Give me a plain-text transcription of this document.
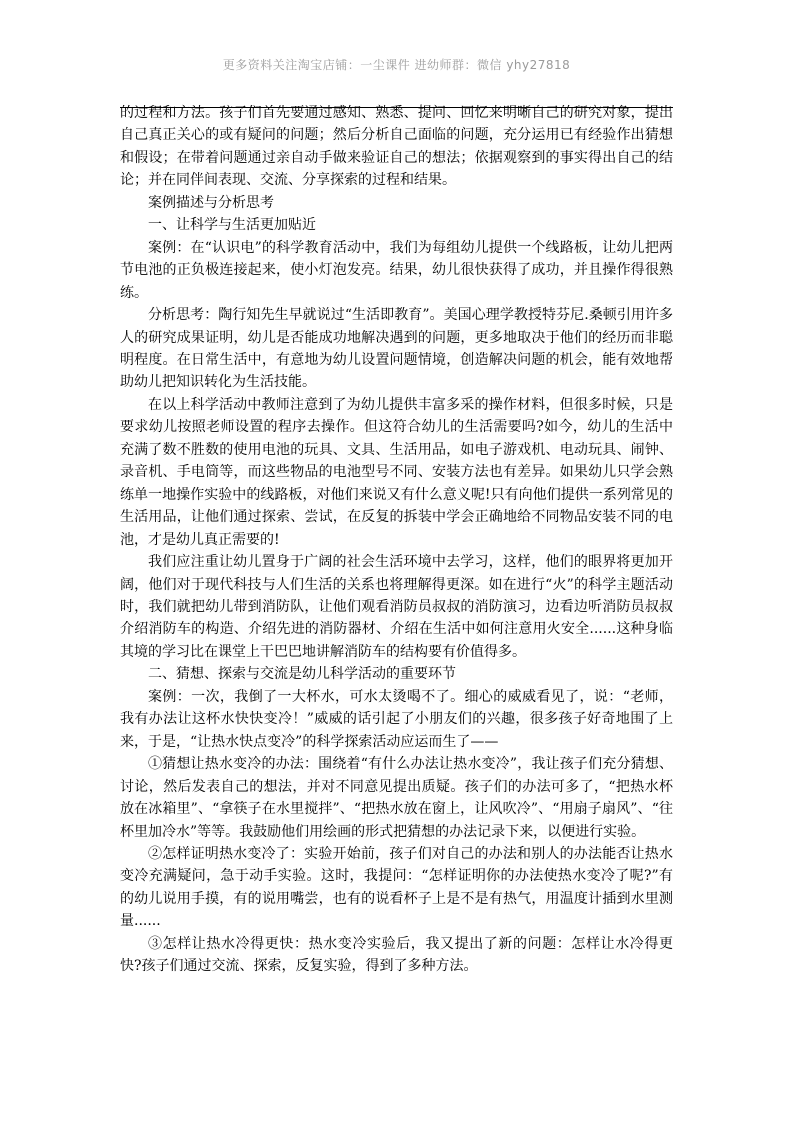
更多资料关注淘宝店铺：一尘课件 进幼师群：微信 yhy27818

的过程和方法。孩子们首先要通过感知、熟悉、提问、回忆来明晰自己的研究对象，提出自己真正关心的或有疑问的问题；然后分析自己面临的问题，充分运用已有经验作出猜想和假设；在带着问题通过亲自动手做来验证自己的想法；依据观察到的事实得出自己的结论；并在同伴间表现、交流、分享探索的过程和结果。

案例描述与分析思考

一、让科学与生活更加贴近

案例：在“认识电”的科学教育活动中，我们为每组幼儿提供一个线路板，让幼儿把两节电池的正负极连接起来，使小灯泡发亮。结果，幼儿很快获得了成功，并且操作得很熟练。

分析思考：陶行知先生早就说过“生活即教育”。美国心理学教授特芬尼.桑顿引用许多人的研究成果证明，幼儿是否能成功地解决遇到的问题，更多地取决于他们的经历而非聪明程度。在日常生活中，有意地为幼儿设置问题情境，创造解决问题的机会，能有效地帮助幼儿把知识转化为生活技能。

在以上科学活动中教师注意到了为幼儿提供丰富多采的操作材料，但很多时候，只是要求幼儿按照老师设置的程序去操作。但这符合幼儿的生活需要吗?如今，幼儿的生活中充满了数不胜数的使用电池的玩具、文具、生活用品，如电子游戏机、电动玩具、闹钟、录音机、手电筒等，而这些物品的电池型号不同、安装方法也有差异。如果幼儿只学会熟练单一地操作实验中的线路板，对他们来说又有什么意义呢!只有向他们提供一系列常见的生活用品，让他们通过探索、尝试，在反复的拆装中学会正确地给不同物品安装不同的电池，才是幼儿真正需要的!

我们应注重让幼儿置身于广阔的社会生活环境中去学习，这样，他们的眼界将更加开阔，他们对于现代科技与人们生活的关系也将理解得更深。如在进行“火”的科学主题活动时，我们就把幼儿带到消防队，让他们观看消防员叔叔的消防演习，边看边听消防员叔叔介绍消防车的构造、介绍先进的消防器材、介绍在生活中如何注意用火安全......这种身临其境的学习比在课堂上干巴巴地讲解消防车的结构要有价值得多。

二、猜想、探索与交流是幼儿科学活动的重要环节

案例：一次，我倒了一大杯水，可水太烫喝不了。细心的威威看见了，说：“老师，我有办法让这杯水快快变冷！”威威的话引起了小朋友们的兴趣，很多孩子好奇地围了上来，于是，“让热水快点变冷”的科学探索活动应运而生了——

①猜想让热水变冷的办法：围绕着“有什么办法让热水变冷”，我让孩子们充分猜想、讨论，然后发表自己的想法，并对不同意见提出质疑。孩子们的办法可多了，“把热水杯放在冰箱里”、“拿筷子在水里搅拌”、“把热水放在窗上，让风吹冷”、“用扇子扇风”、“往杯里加冷水”等等。我鼓励他们用绘画的形式把猜想的办法记录下来，以便进行实验。

②怎样证明热水变冷了：实验开始前，孩子们对自己的办法和别人的办法能否让热水变冷充满疑问，急于动手实验。这时，我提问：“怎样证明你的办法使热水变冷了呢?”有的幼儿说用手摸，有的说用嘴尝，也有的说看杯子上是不是有热气，用温度计插到水里测量......

③怎样让热水冷得更快：热水变冷实验后，我又提出了新的问题：怎样让水冷得更快?孩子们通过交流、探索，反复实验，得到了多种方法。
